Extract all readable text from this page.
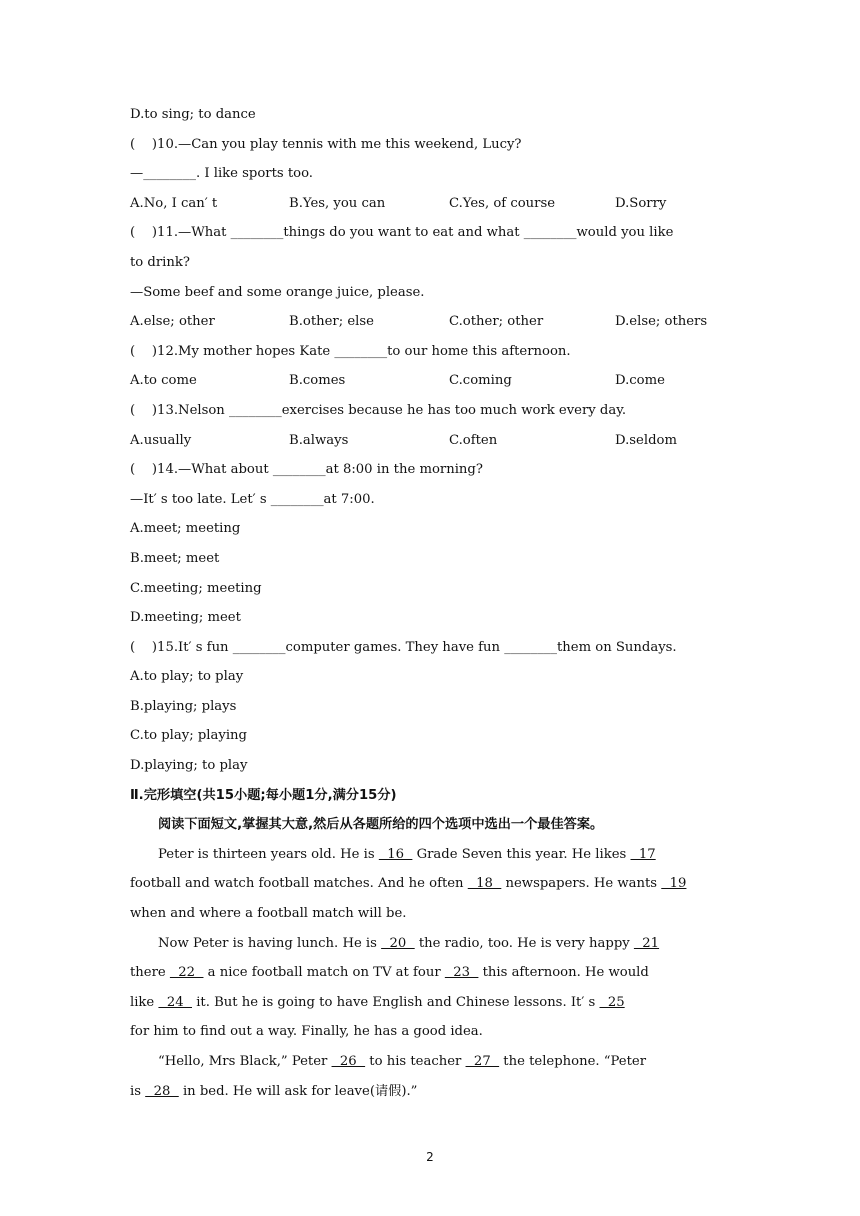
D.to sing; to dance
(    )10.—Can you play tennis with me this weekend, Lucy?
—________. I like sports too.
A.No, I can′ t	B.Yes, you can	C.Yes, of course	D.Sorry
(    )11.—What ________things do you want to eat and what ________would you like
to drink?
—Some beef and some orange juice, please.
A.else; other	B.other; else	C.other; other	D.else; others
(    )12.My mother hopes Kate ________to our home this afternoon.
A.to come	B.comes	C.coming	D.come
(    )13.Nelson ________exercises because he has too much work every day.
A.usually	B.always	C.often	D.seldom
(    )14.—What about ________at 8:00 in the morning?
—It′ s too late. Let′ s ________at 7:00.
A.meet; meeting
B.meet; meet
C.meeting; meeting
D.meeting; meet
(    )15.It′ s fun ________computer games. They have fun ________them on Sundays.
A.to play; to play
B.playing; plays
C.to play; playing
D.playing; to play
Ⅱ.完形填空(共15小题;每小题1分,满分15分)
阅读下面短文,掌握其大意,然后从各题所给的四个选项中选出一个最佳答案。
Peter is thirteen years old. He is   16   Grade Seven this year. He likes   17
football and watch football matches. And he often   18   newspapers. He wants   19
when and where a football match will be.
Now Peter is having lunch. He is   20   the radio, too. He is very happy   21
there   22   a nice football match on TV at four   23   this afternoon. He would
like   24   it. But he is going to have English and Chinese lessons. It′ s   25
for him to find out a way. Finally, he has a good idea.
“Hello, Mrs Black,” Peter   26   to his teacher   27   the telephone. “Peter
is   28   in bed. He will ask for leave(请假).”
2
